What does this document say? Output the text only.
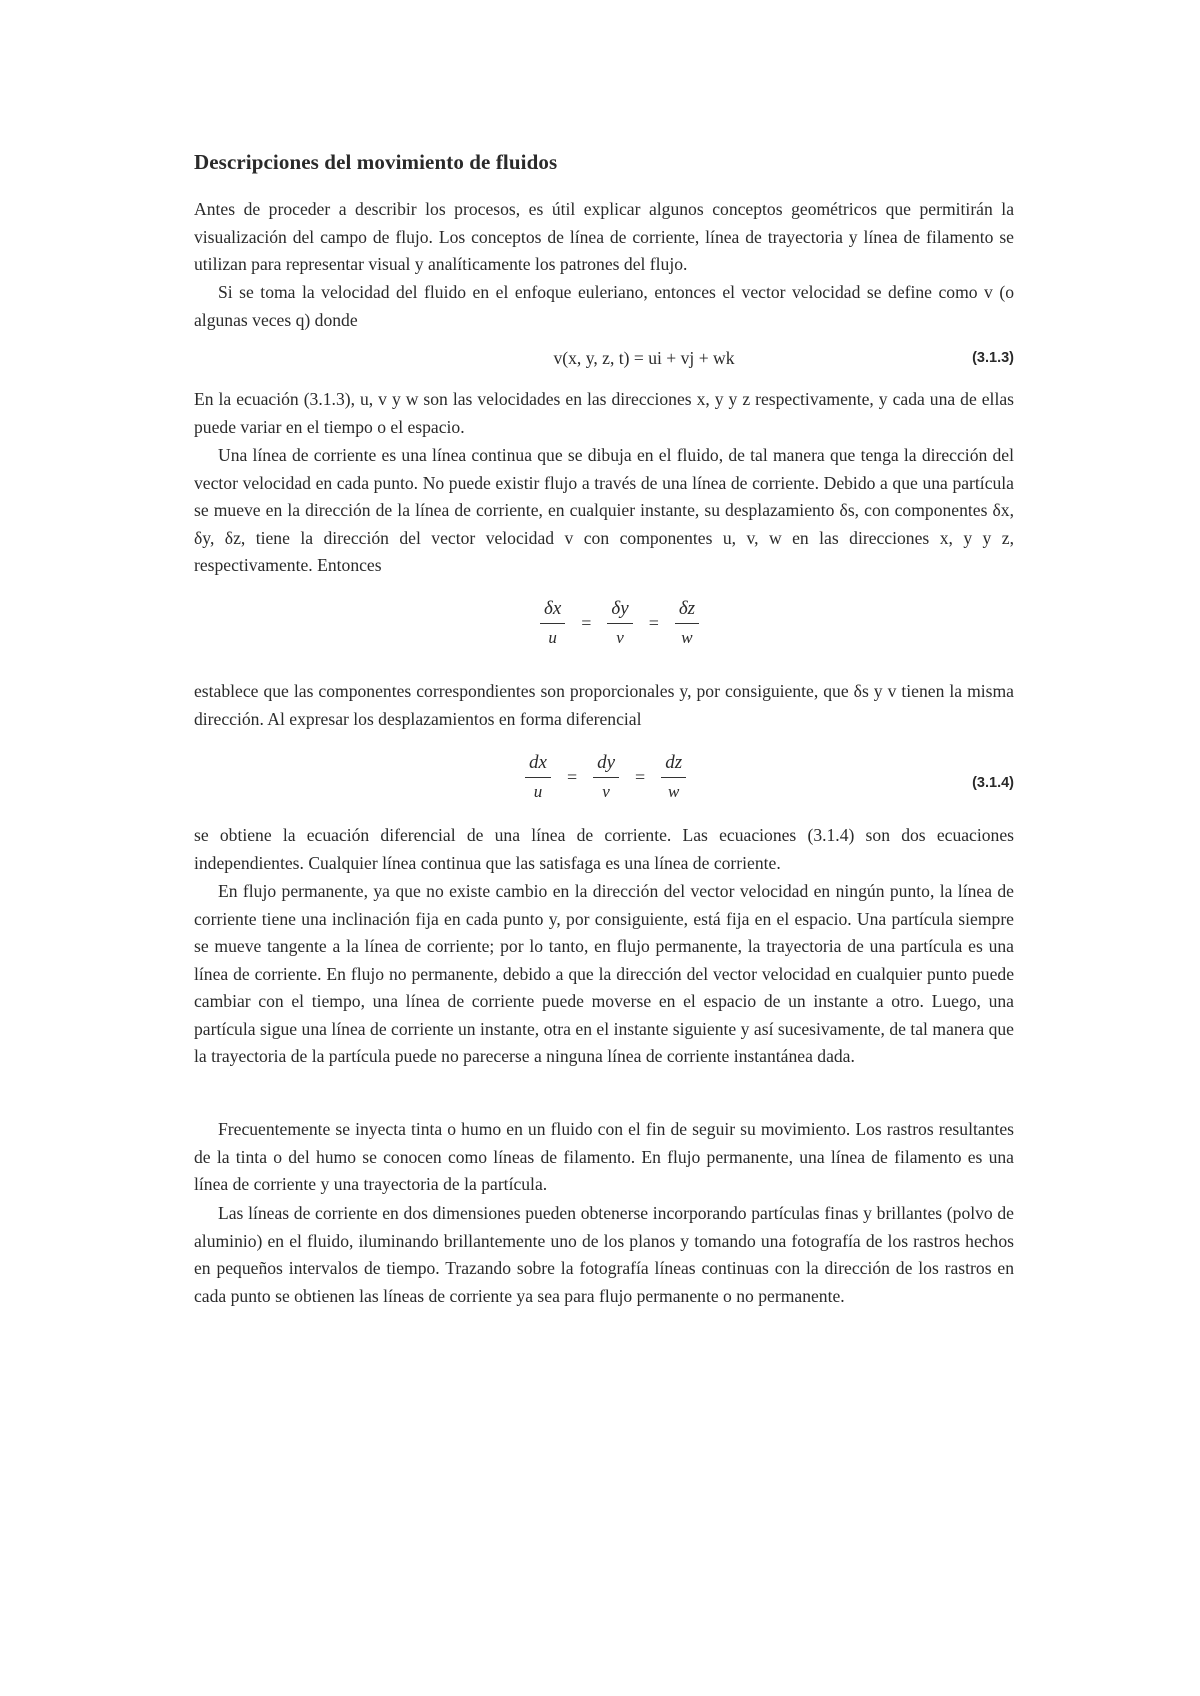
Descripciones del movimiento de fluidos

Antes de proceder a describir los procesos, es útil explicar algunos conceptos geométricos que permitirán la visualización del campo de flujo. Los conceptos de línea de corriente, línea de trayectoria y línea de filamento se utilizan para representar visual y analíticamente los patrones del flujo.

Si se toma la velocidad del fluido en el enfoque euleriano, entonces el vector velocidad se define como v (o algunas veces q) donde

v(x, y, z, t) = ui + vj + wk	(3.1.3)

En la ecuación (3.1.3), u, v y w son las velocidades en las direcciones x, y y z respectivamente, y cada una de ellas puede variar en el tiempo o el espacio.

Una línea de corriente es una línea continua que se dibuja en el fluido, de tal manera que tenga la dirección del vector velocidad en cada punto. No puede existir flujo a través de una línea de corriente. Debido a que una partícula se mueve en la dirección de la línea de corriente, en cualquier instante, su desplazamiento δs, con componentes δx, δy, δz, tiene la dirección del vector velocidad v con componentes u, v, w en las direcciones x, y y z, respectivamente. Entonces

$\frac{\delta x}{u} = \frac{\delta y}{v} = \frac{\delta z}{w}$

establece que las componentes correspondientes son proporcionales y, por consiguiente, que δs y v tienen la misma dirección. Al expresar los desplazamientos en forma diferencial

$\frac{dx}{u} = \frac{dy}{v} = \frac{dz}{w}$	(3.1.4)

se obtiene la ecuación diferencial de una línea de corriente. Las ecuaciones (3.1.4) son dos ecuaciones independientes. Cualquier línea continua que las satisfaga es una línea de corriente.

En flujo permanente, ya que no existe cambio en la dirección del vector velocidad en ningún punto, la línea de corriente tiene una inclinación fija en cada punto y, por consiguiente, está fija en el espacio. Una partícula siempre se mueve tangente a la línea de corriente; por lo tanto, en flujo permanente, la trayectoria de una partícula es una línea de corriente. En flujo no permanente, debido a que la dirección del vector velocidad en cualquier punto puede cambiar con el tiempo, una línea de corriente puede moverse en el espacio de un instante a otro. Luego, una partícula sigue una línea de corriente un instante, otra en el instante siguiente y así sucesivamente, de tal manera que la trayectoria de la partícula puede no parecerse a ninguna línea de corriente instantánea dada.

Frecuentemente se inyecta tinta o humo en un fluido con el fin de seguir su movimiento. Los rastros resultantes de la tinta o del humo se conocen como líneas de filamento. En flujo permanente, una línea de filamento es una línea de corriente y una trayectoria de la partícula.

Las líneas de corriente en dos dimensiones pueden obtenerse incorporando partículas finas y brillantes (polvo de aluminio) en el fluido, iluminando brillantemente uno de los planos y tomando una fotografía de los rastros hechos en pequeños intervalos de tiempo. Trazando sobre la fotografía líneas continuas con la dirección de los rastros en cada punto se obtienen las líneas de corriente ya sea para flujo permanente o no permanente.
